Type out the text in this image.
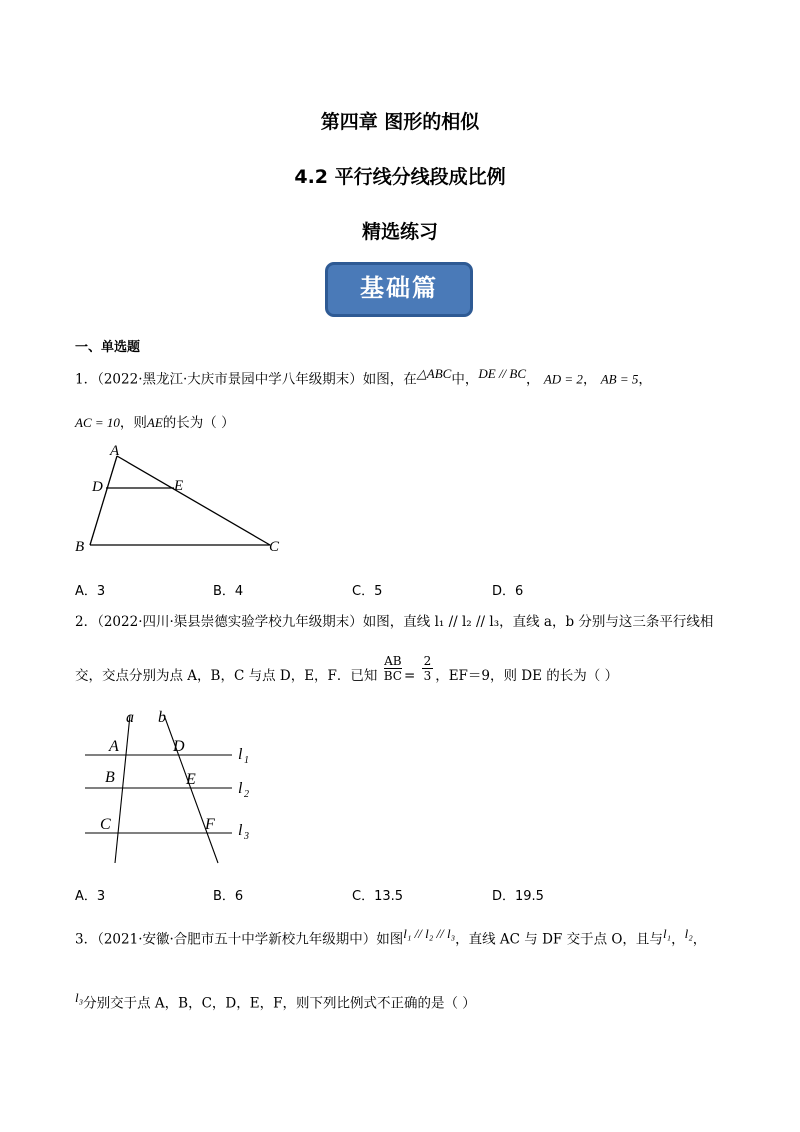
第四章 图形的相似
4.2 平行线分线段成比例
精选练习
基础篇
一、单选题
1．（2022·黑龙江·大庆市景园中学八年级期末）如图，在$^{\triangle ABC}$中，$^{DE // BC}$， AD = 2， AB = 5，
AC = 10，则AE的长为（ ）
A
D	E
B	C
A．3	B．4	C．5	D．6
2．（2022·四川·渠县崇德实验学校九年级期末）如图，直线 l₁ // l₂ // l₃，直线 a，b 分别与这三条平行线相
交，交点分别为点 A，B，C 与点 D，E，F．已知 $\frac{AB}{BC} = \frac{2}{3}$ ，EF＝9，则 DE 的长为（ ）
a b
A	D	l 1
B	E
l 2
C	F l 3
A．3	B．6	C．13.5	D．19.5
3．（2021·安徽·合肥市五十中学新校九年级期中）如图$^{l_1 // l_2 // l_3}$，直线 AC 与 DF 交于点 O，且与$^{l_1}$，$^{l_2}$，
$^{l_3}$分别交于点 A，B，C，D，E，F，则下列比例式不正确的是（ ）
